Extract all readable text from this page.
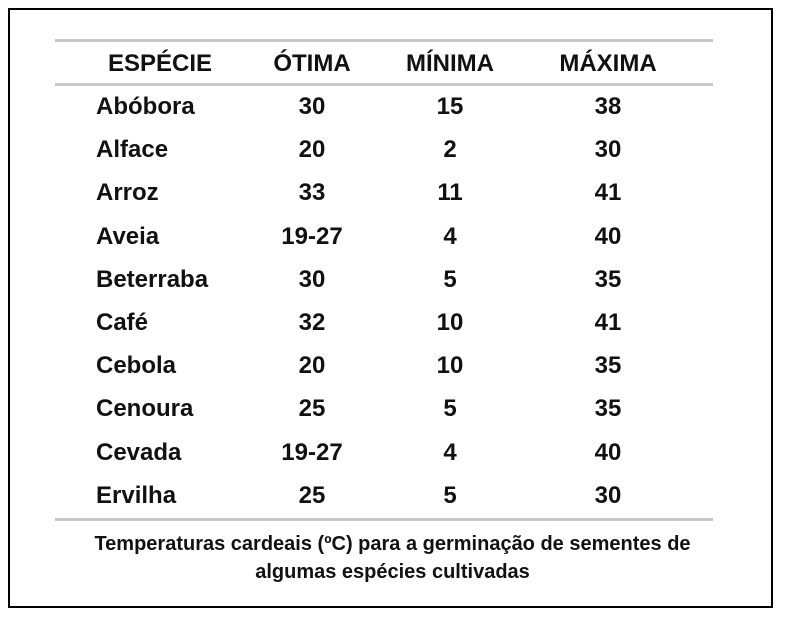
ESPÉCIE	ÓTIMA	MÍNIMA	MÁXIMA
Abóbora	30	15	38
Alface	20	2	30
Arroz	33	11	41
Aveia	19-27	4	40
Beterraba	30	5	35
Café	32	10	41
Cebola	20	10	35
Cenoura	25	5	35
Cevada	19-27	4	40
Ervilha	25	5	30
Temperaturas cardeais (ºC) para a germinação de sementes de
algumas espécies cultivadas
